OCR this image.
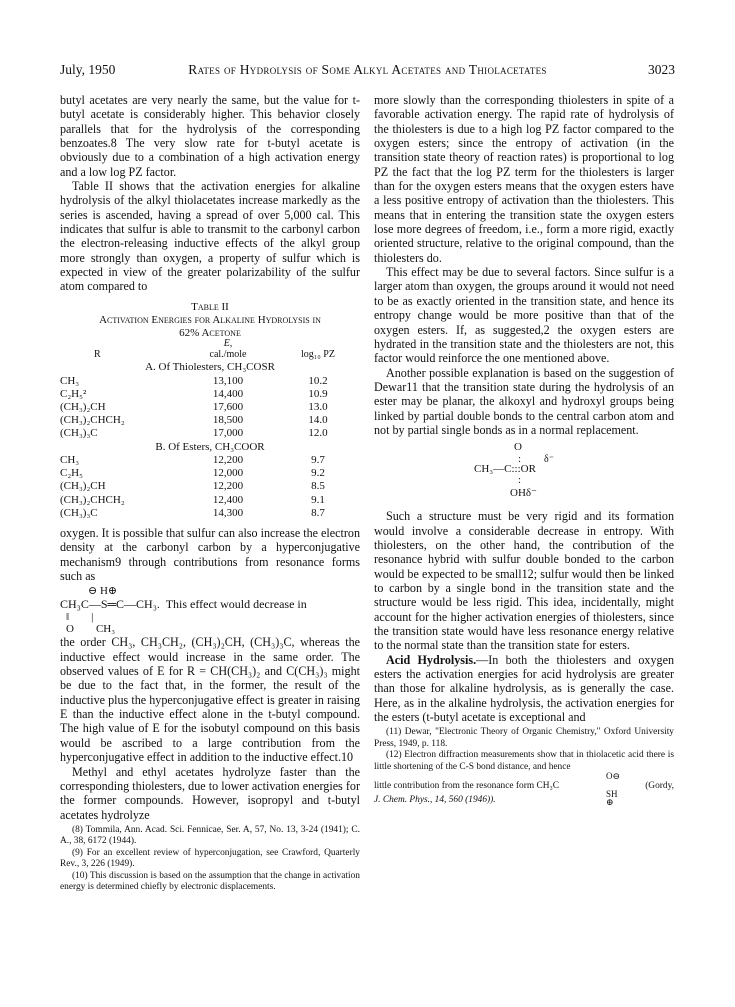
July, 1950	Rates of Hydrolysis of Some Alkyl Acetates and Thiolacetates	3023

butyl acetates are very nearly the same, but the value for t-butyl acetate is considerably higher. This behavior closely parallels that for the hydrolysis of the corresponding benzoates.8 The very slow rate for t-butyl acetate is obviously due to a combination of a high activation energy and a low log PZ factor.

Table II shows that the activation energies for alkaline hydrolysis of the alkyl thiolacetates increase markedly as the series is ascended, having a spread of over 5,000 cal. This indicates that sulfur is able to transmit to the carbonyl carbon the electron-releasing inductive effects of the alkyl group more strongly than oxygen, a property of sulfur which is expected in view of the greater polarizability of the sulfur atom compared to

Table II
Activation Energies for Alkaline Hydrolysis in
62% Acetone
	E,	
R	cal./mole	log₁₀ PZ
A. Of Thiolesters, CH₃COSR		
CH₃	13,100	10.2
C₂H₅²	14,400	10.9
(CH₃)₂CH	17,600	13.0
(CH₃)₂CHCH₂	18,500	14.0
(CH₃)₃C	17,000	12.0
B. Of Esters, CH₃COOR		
CH₃	12,200	9.7
C₂H₅	12,000	9.2
(CH₃)₂CH	12,200	8.5
(CH₃)₂CHCH₂	12,400	9.1
(CH₃)₃C	14,300	8.7

oxygen. It is possible that sulfur can also increase the electron density at the carbonyl carbon by a hyperconjugative mechanism9 through contributions from resonance forms such as

⊖ H⊕
CH₃C—S═C—CH₃. This effect would decrease in
‖        |
O        CH₃

the order CH₃, CH₃CH₂, (CH₃)₂CH, (CH₃)₃C, whereas the inductive effect would increase in the same order. The observed values of E for R = CH(CH₃)₂ and C(CH₃)₃ might be due to the fact that, in the former, the result of the inductive plus the hyperconjugative effect is greater in raising E than the inductive effect alone in the t-butyl compound. The high value of E for the isobutyl compound on this basis would be ascribed to a large contribution from the hyperconjugative effect in addition to the inductive effect.10

Methyl and ethyl acetates hydrolyze faster than the corresponding thiolesters, due to lower activation energies for the former compounds. However, isopropyl and t-butyl acetates hydrolyze

(8) Tommila, Ann. Acad. Sci. Fennicae, Ser. A, 57, No. 13, 3-24 (1941); C. A., 38, 6172 (1944).

(9) For an excellent review of hyperconjugation, see Crawford, Quarterly Rev., 3, 226 (1949).

(10) This discussion is based on the assumption that the change in activation energy is determined chiefly by electronic displacements.

more slowly than the corresponding thiolesters in spite of a favorable activation energy. The rapid rate of hydrolysis of the thiolesters is due to a high log PZ factor compared to the oxygen esters; since the entropy of activation (in the transition state theory of reaction rates) is proportional to log PZ the fact that the log PZ term for the thiolesters is larger than for the oxygen esters means that the oxygen esters have a less positive entropy of activation than the thiolesters. This means that in entering the transition state the oxygen esters lose more degrees of freedom, i.e., form a more rigid, exactly oriented structure, relative to the original compound, than the thiolesters do.

This effect may be due to several factors. Since sulfur is a larger atom than oxygen, the groups around it would not need to be as exactly oriented in the transition state, and hence its entropy change would be more positive than that of the oxygen esters. If, as suggested,2 the oxygen esters are hydrated in the transition state and the thiolesters are not, this factor would reinforce the one mentioned above.

Another possible explanation is based on the suggestion of Dewar11 that the transition state during the hydrolysis of an ester may be planar, the alkoxyl and hydroxyl groups being linked by partial double bonds to the central carbon atom and not by partial single bonds as in a normal replacement.

O
: δ⁻
CH₃—C:::OR
:
OHδ⁻

Such a structure must be very rigid and its formation would involve a considerable decrease in entropy. With thiolesters, on the other hand, the contribution of the resonance hybrid with sulfur double bonded to the carbon would be expected to be small12; sulfur would then be linked to carbon by a single bond in the transition state and the structure would be less rigid. This idea, incidentally, might account for the higher activation energies of thiolesters, since the transition state would have less resonance energy relative to the normal state than the transition state for esters.

Acid Hydrolysis.—In both the thiolesters and oxygen esters the activation energies for acid hydrolysis are greater than those for alkaline hydrolysis, as is generally the case. Here, as in the alkaline hydrolysis, the activation energies for the esters (t-butyl acetate is exceptional and

(11) Dewar, "Electronic Theory of Organic Chemistry," Oxford University Press, 1949, p. 118.

(12) Electron diffraction measurements show that in thiolacetic acid there is little shortening of the C-S bond distance, and hence

little contribution from the resonance form CH₃C
O⊖
SH
(Gordy,
J. Chem. Phys., 14, 560 (1946)).	⊕
